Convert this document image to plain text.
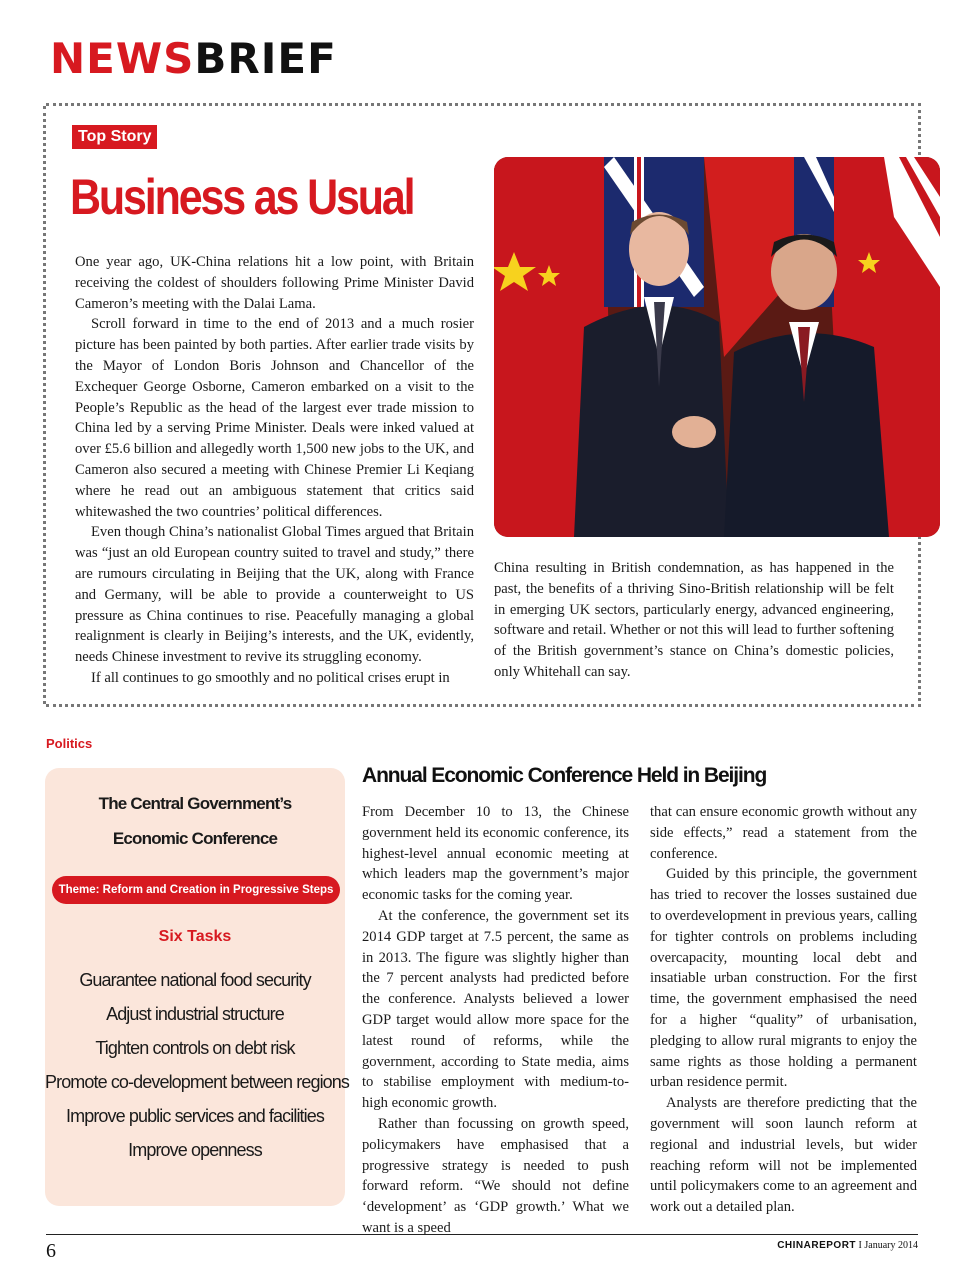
NEWSBRIEF
Top Story
Business as Usual

One year ago, UK-China relations hit a low point, with Britain receiving the coldest of shoulders following Prime Minister David Cameron’s meeting with the Dalai Lama.

Scroll forward in time to the end of 2013 and a much rosier picture has been painted by both parties. After earlier trade visits by the Mayor of London Boris Johnson and Chancellor of the Exchequer George Osborne, Cameron embarked on a visit to the People’s Republic as the head of the largest ever trade mission to China led by a serving Prime Minister. Deals were inked valued at over £5.6 billion and allegedly worth 1,500 new jobs to the UK, and Cameron also secured a meeting with Chinese Premier Li Keqiang where he read out an ambiguous statement that critics said whitewashed the two countries’ political differences.

Even though China’s nationalist Global Times argued that Britain was “just an old European country suited to travel and study,” there are rumours circulating in Beijing that the UK, along with France and Germany, will be able to provide a counterweight to US pressure as China continues to rise. Peacefully managing a global realignment is clearly in Beijing’s interests, and the UK, evidently, needs Chinese investment to revive its struggling economy.

If all continues to go smoothly and no political crises erupt in

China resulting in British condemnation, as has happened in the past, the benefits of a thriving Sino-British relationship will be felt in emerging UK sectors, particularly energy, advanced engineering, software and retail. Whether or not this will lead to further softening of the British government’s stance on China’s domestic policies, only Whitehall can say.

Politics
The Central Government’s
Economic Conference
Theme: Reform and Creation in Progressive Steps
Six Tasks
Guarantee national food security
Adjust industrial structure
Tighten controls on debt risk
Promote co-development between regions
Improve public services and facilities
Improve openness
Annual Economic Conference Held in Beijing

From December 10 to 13, the Chinese government held its economic conference, its highest-level annual economic meeting at which leaders map the government’s major economic tasks for the coming year.

At the conference, the government set its 2014 GDP target at 7.5 percent, the same as in 2013. The figure was slightly higher than the 7 percent analysts had predicted before the conference. Analysts believed a lower GDP target would allow more space for the latest round of reforms, while the government, according to State media, aims to stabilise employment with medium-to-high economic growth.

Rather than focussing on growth speed, policymakers have emphasised that a progressive strategy is needed to push forward reform. “We should not define ‘development’ as ‘GDP growth.’ What we want is a speed

that can ensure economic growth without any side effects,” read a statement from the conference.

Guided by this principle, the government has tried to recover the losses sustained due to overdevelopment in previous years, calling for tighter controls on problems including overcapacity, mounting local debt and insatiable urban construction. For the first time, the government emphasised the need for a higher “quality” of urbanisation, pledging to allow rural migrants to enjoy the same rights as those holding a permanent urban residence permit.

Analysts are therefore predicting that the government will soon launch reform at regional and industrial levels, but wider reaching reform will not be implemented until policymakers come to an agreement and work out a detailed plan.

6	CHINAREPORT I January 2014
